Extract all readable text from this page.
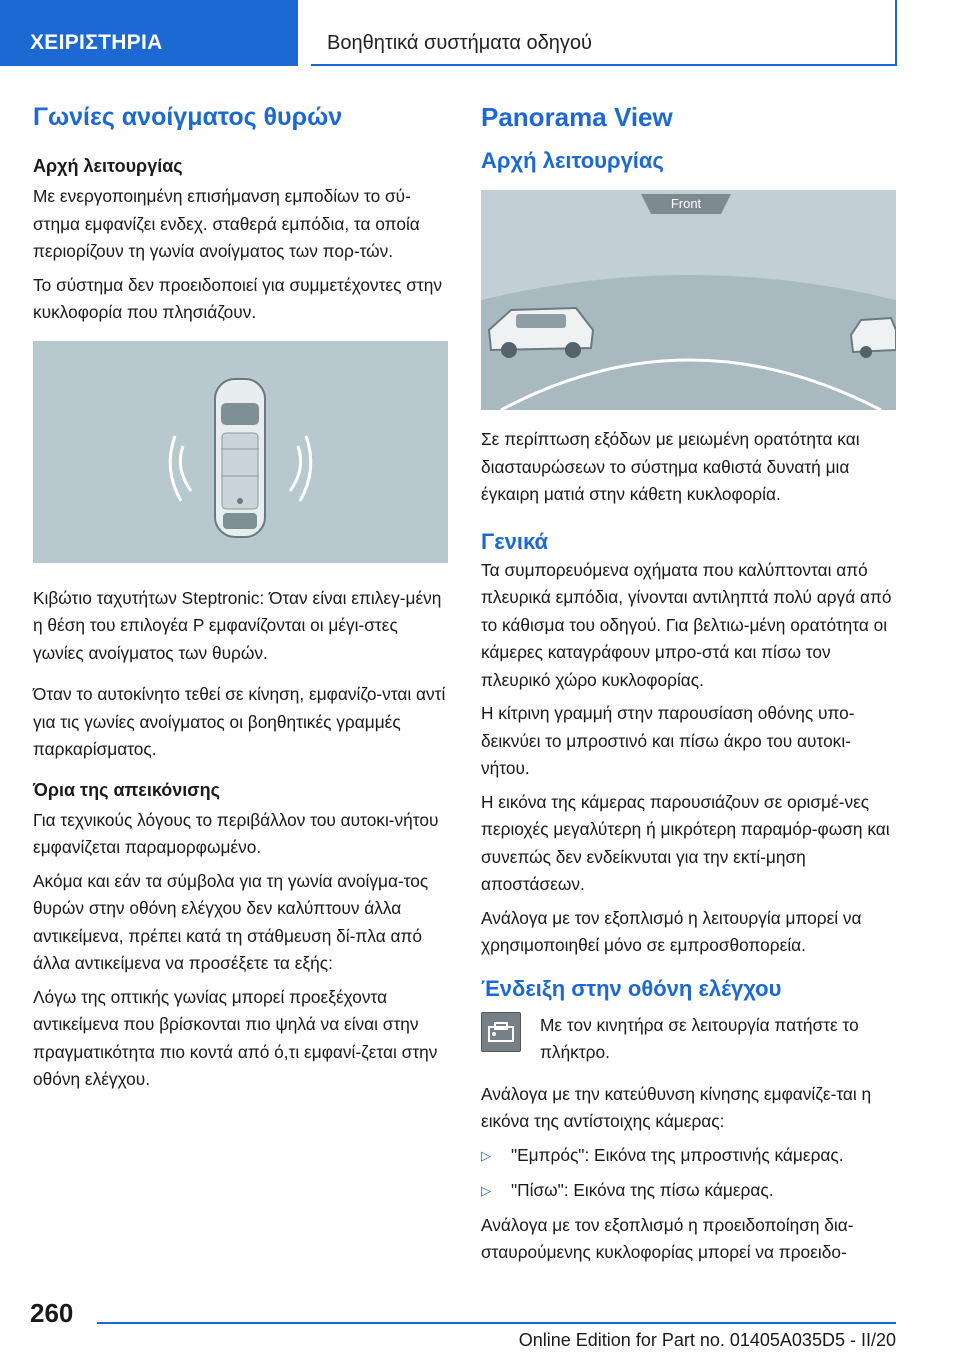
ΧΕΙΡΙΣΤΗΡΙΑ	Βοηθητικά συστήματα οδηγού
Γωνίες ανοίγματος θυρών
Αρχή λειτουργίας

Με ενεργοποιημένη επισήμανση εμποδίων το σύ-στημα εμφανίζει ενδεχ. σταθερά εμπόδια, τα οποία περιορίζουν τη γωνία ανοίγματος των πορ-τών.

Το σύστημα δεν προειδοποιεί για συμμετέχοντες στην κυκλοφορία που πλησιάζουν.

Κιβώτιο ταχυτήτων Steptronic: Όταν είναι επιλεγ-μένη η θέση του επιλογέα P εμφανίζονται οι μέγι-στες γωνίες ανοίγματος των θυρών.

Όταν το αυτοκίνητο τεθεί σε κίνηση, εμφανίζο-νται αντί για τις γωνίες ανοίγματος οι βοηθητικές γραμμές παρκαρίσματος.

Όρια της απεικόνισης

Για τεχνικούς λόγους το περιβάλλον του αυτοκι-νήτου εμφανίζεται παραμορφωμένο.

Ακόμα και εάν τα σύμβολα για τη γωνία ανοίγμα-τος θυρών στην οθόνη ελέγχου δεν καλύπτουν άλλα αντικείμενα, πρέπει κατά τη στάθμευση δί-πλα από άλλα αντικείμενα να προσέξετε τα εξής:

Λόγω της οπτικής γωνίας μπορεί προεξέχοντα αντικείμενα που βρίσκονται πιο ψηλά να είναι στην πραγματικότητα πιο κοντά από ό,τι εμφανί-ζεται στην οθόνη ελέγχου.

Panorama View
Αρχή λειτουργίας
Front

Σε περίπτωση εξόδων με μειωμένη ορατότητα και διασταυρώσεων το σύστημα καθιστά δυνατή μια έγκαιρη ματιά στην κάθετη κυκλοφορία.

Γενικά

Τα συμπορευόμενα οχήματα που καλύπτονται από πλευρικά εμπόδια, γίνονται αντιληπτά πολύ αργά από το κάθισμα του οδηγού. Για βελτιω-μένη ορατότητα οι κάμερες καταγράφουν μπρο-στά και πίσω τον πλευρικό χώρο κυκλοφορίας.

Η κίτρινη γραμμή στην παρουσίαση οθόνης υπο-δεικνύει το μπροστινό και πίσω άκρο του αυτοκι-νήτου.

Η εικόνα της κάμερας παρουσιάζουν σε ορισμέ-νες περιοχές μεγαλύτερη ή μικρότερη παραμόρ-φωση και συνεπώς δεν ενδείκνυται για την εκτί-μηση αποστάσεων.

Ανάλογα με τον εξοπλισμό η λειτουργία μπορεί να χρησιμοποιηθεί μόνο σε εμπροσθοπορεία.

Ένδειξη στην οθόνη ελέγχου

Με τον κινητήρα σε λειτουργία πατήστε το πλήκτρο.

Ανάλογα με την κατεύθυνση κίνησης εμφανίζε-ται η εικόνα της αντίστοιχης κάμερας:

▷	"Εμπρός": Εικόνα της μπροστινής κάμερας.
▷	"Πίσω": Εικόνα της πίσω κάμερας.

Ανάλογα με τον εξοπλισμό η προειδοποίηση δια-σταυρούμενης κυκλοφορίας μπορεί να προειδο-

260
Online Edition for Part no. 01405A035D5 - II/20
